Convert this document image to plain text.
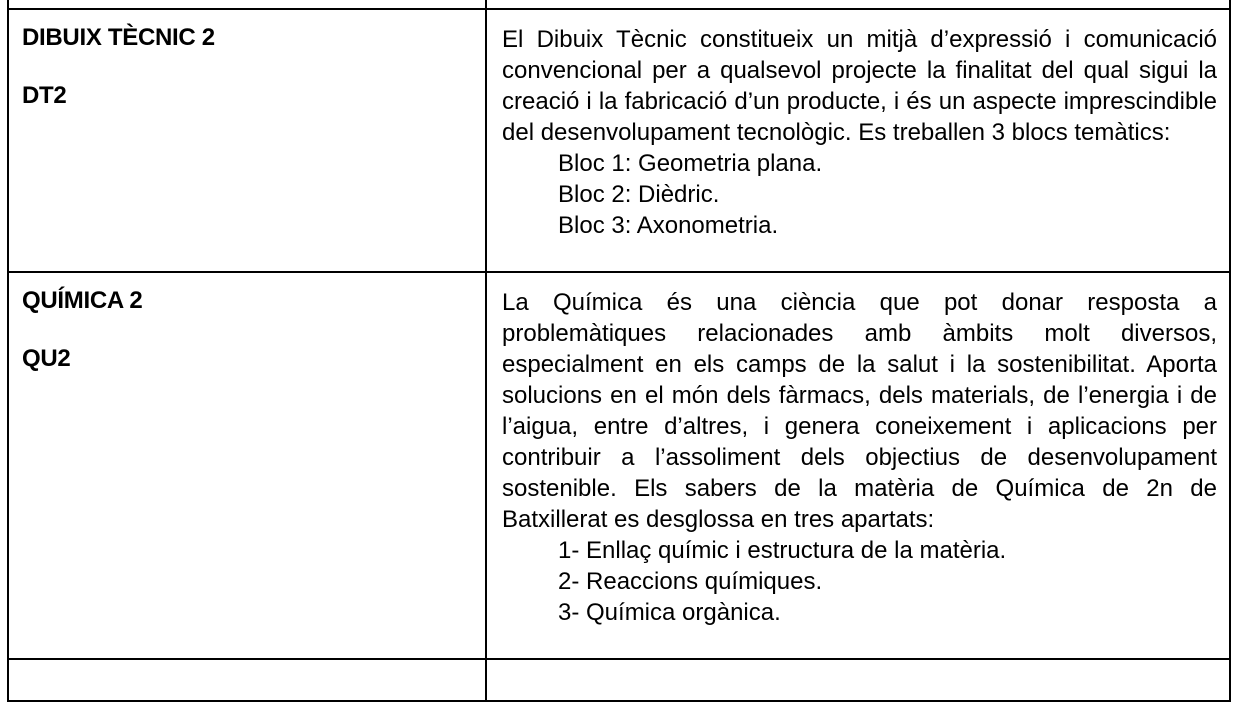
DIBUIX TÈCNIC 2
DT2	El Dibuix Tècnic constitueix un mitjà d’expressió i comunicació convencional per a qualsevol projecte la finalitat del qual sigui la creació i la fabricació d’un producte, i és un aspecte imprescindible del desenvolupament tecnològic. Es treballen 3 blocs temàtics:
Bloc 1: Geometria plana.
Bloc 2: Dièdric.
Bloc 3: Axonometria.

QUÍMICA 2
QU2	La Química és una ciència que pot donar resposta a problemàtiques relacionades amb àmbits molt diversos, especialment en els camps de la salut i la sostenibilitat. Aporta solucions en el món dels fàrmacs, dels materials, de l’energia i de l’aigua, entre d’altres, i genera coneixement i aplicacions per contribuir a l’assoliment dels objectius de desenvolupament sostenible. Els sabers de la matèria de Química de 2n de Batxillerat es desglossa en tres apartats:
1- Enllaç químic i estructura de la matèria.
2- Reaccions químiques.
3- Química orgànica.
